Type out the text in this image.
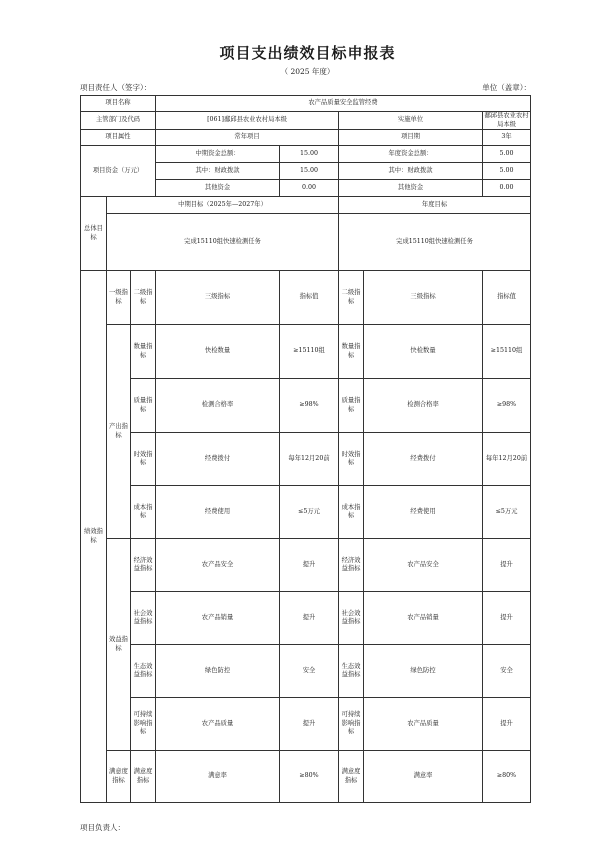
项目支出绩效目标申报表
（ 2025 年度）
项目责任人（签字）：	单位（盖章）：
项目名称			农产品质量安全监管经费				
主管部门及代码			[061]鄱邱县农业农村局本级		实施单位		鄱邱县农业农村局本级
项目属性			常年项目		项目期		3年
项目资金（万元）			中期资金总额：	15.00	年度资金总额：		5.00
			其中：财政拨款	15.00	其中：财政拨款		5.00
			其他资金	0.00	其他资金		0.00
总体目标	中期目标（2025年—2027年）				年度目标		
	完成15110组快速检测任务				完成15110组快速检测任务		
绩效指标	一级指标	二级指标	三级指标	指标值	二级指标	三级指标	指标值
	产出指标	数量指标	快检数量	≥15110组	数量指标	快检数量	≥15110组
		质量指标	检测合格率	≥98%	质量指标	检测合格率	≥98%
		时效指标	经费拨付	每年12月20前	时效指标	经费拨付	每年12月20前
		成本指标	经费使用	≤5万元	成本指标	经费使用	≤5万元
	效益指标	经济效益指标	农产品安全	提升	经济效益指标	农产品安全	提升
		社会效益指标	农产品销量	提升	社会效益指标	农产品销量	提升
		生态效益指标	绿色防控	安全	生态效益指标	绿色防控	安全
		可持续影响指标	农产品质量	提升	可持续影响指标	农产品质量	提升
	满意度指标	满意度指标	满意率	≥80%	满意度指标	满意率	≥80%
项目负责人：
